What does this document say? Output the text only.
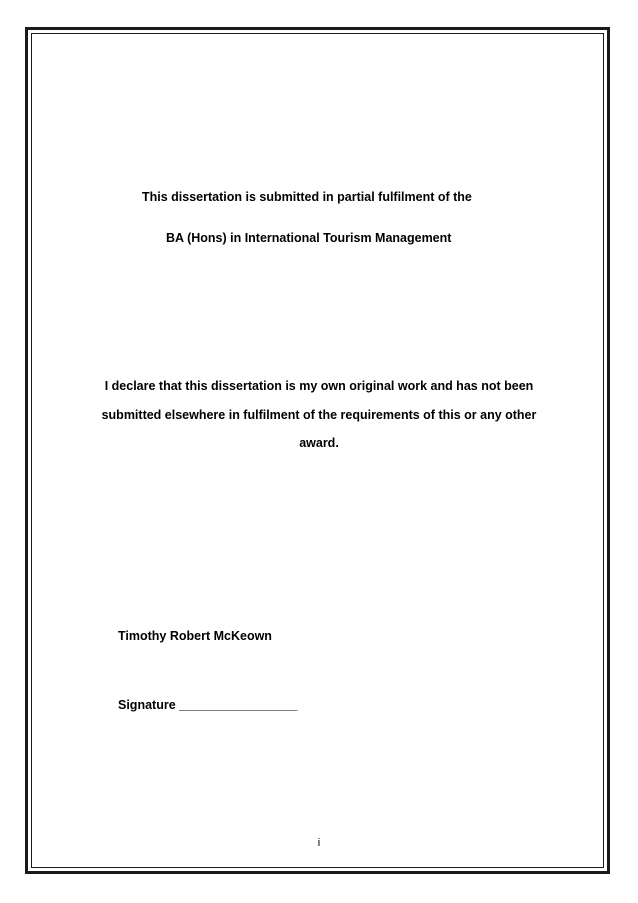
This dissertation is submitted in partial fulfilment of the
BA (Hons) in International Tourism Management
I declare that this dissertation is my own original work and has not been
submitted elsewhere in fulfilment of the requirements of this or any other
award.
Timothy Robert McKeown
Signature _________________
i
